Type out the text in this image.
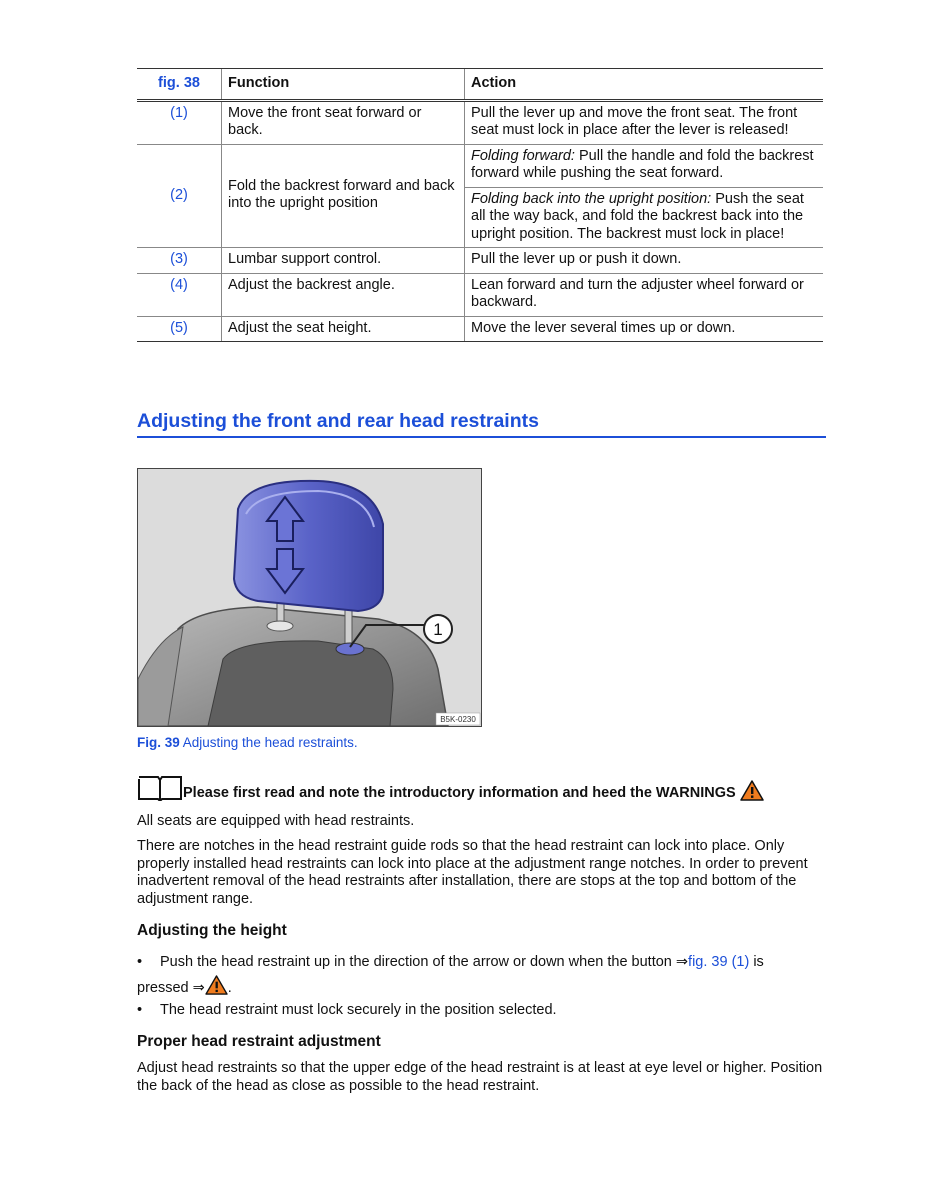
fig. 38	Function	Action
(1)	Move the front seat forward or back.	Pull the lever up and move the front seat. The front seat must lock in place after the lever is released!
(2)	Fold the backrest forward and back into the upright position	Folding forward: Pull the handle and fold the backrest forward while pushing the seat forward.
Folding back into the upright position: Push the seat all the way back, and fold the backrest back into the upright position. The backrest must lock in place!

(3)	Lumbar support control.	Pull the lever up or push it down.
(4)	Adjust the backrest angle.	Lean forward and turn the adjuster wheel forward or backward.
(5)	Adjust the seat height.	Move the lever several times up or down.
Adjusting the front and rear head restraints
1
B5K-0230
Fig. 39 Adjusting the head restraints.
Please first read and note the introductory information and heed the WARNINGS

All seats are equipped with head restraints.

There are notches in the head restraint guide rods so that the head restraint can lock into place. Only properly installed head restraints can lock into place at the adjustment range notches. In order to prevent inadvertent removal of the head restraints after installation, there are stops at the top and bottom of the adjustment range.

Adjusting the height
•	Push the head restraint up in the direction of the arrow or down when the button ⇒fig. 39 (1) is
pressed ⇒ .
•	The head restraint must lock securely in the position selected.
Proper head restraint adjustment

Adjust head restraints so that the upper edge of the head restraint is at least at eye level or higher. Position the back of the head as close as possible to the head restraint.
